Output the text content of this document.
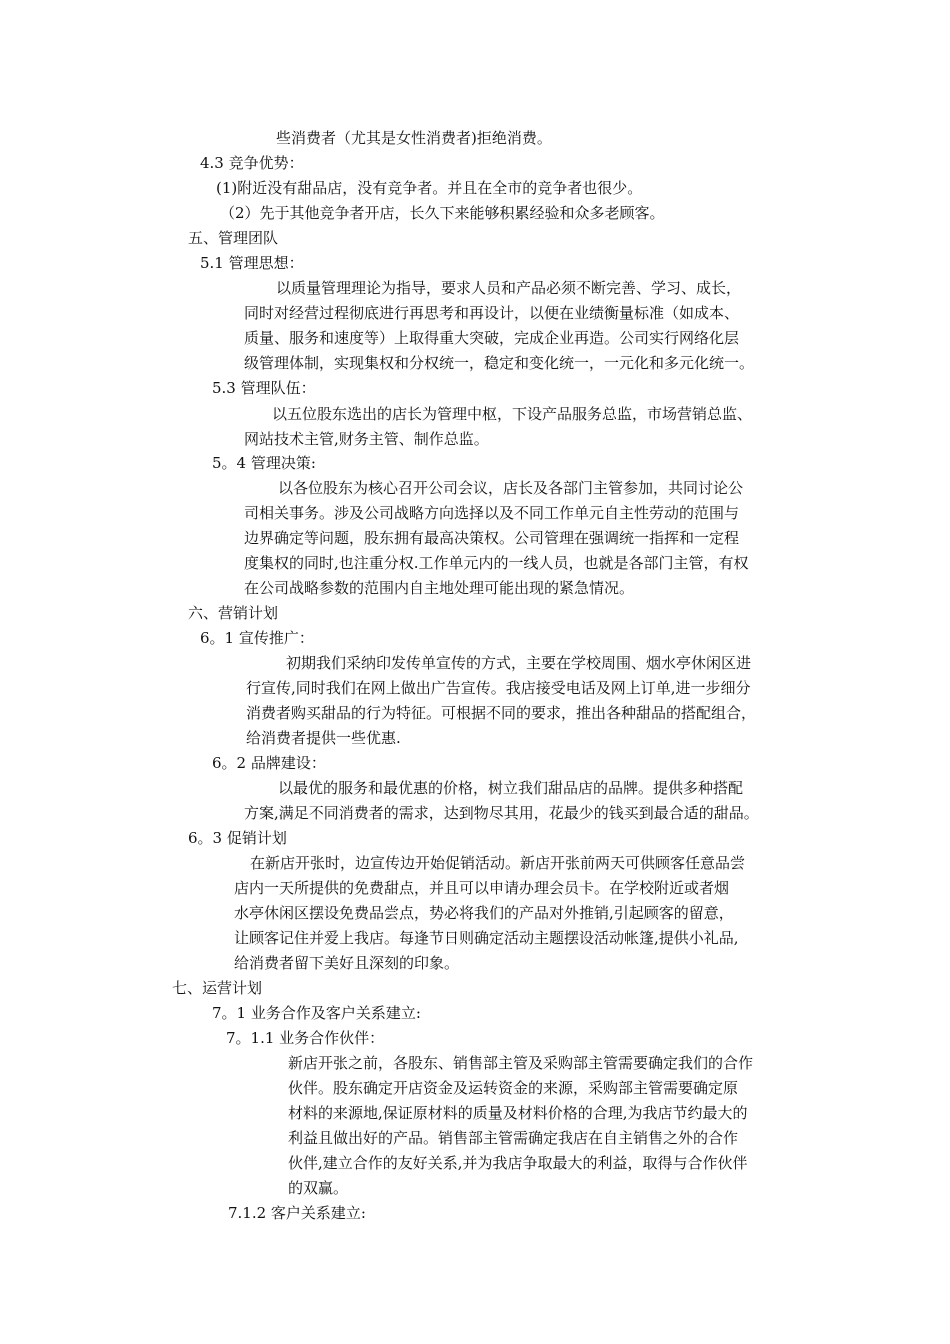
些消费者（尤其是女性消费者)拒绝消费。
4.3 竞争优势：
(1)附近没有甜品店，没有竞争者。并且在全市的竞争者也很少。
（2）先于其他竞争者开店，长久下来能够积累经验和众多老顾客。
五、管理团队
5.1 管理思想：
以质量管理理论为指导，要求人员和产品必须不断完善、学习、成长，
同时对经营过程彻底进行再思考和再设计，以便在业绩衡量标准（如成本、
质量、服务和速度等）上取得重大突破，完成企业再造。公司实行网络化层
级管理体制，实现集权和分权统一，稳定和变化统一，一元化和多元化统一。
5.3 管理队伍：
以五位股东选出的店长为管理中枢，下设产品服务总监，市场营销总监、
网站技术主管,财务主管、制作总监。
5。4 管理决策:
以各位股东为核心召开公司会议，店长及各部门主管参加，共同讨论公
司相关事务。涉及公司战略方向选择以及不同工作单元自主性劳动的范围与
边界确定等问题，股东拥有最高决策权。公司管理在强调统一指挥和一定程
度集权的同时,也注重分权.工作单元内的一线人员，也就是各部门主管，有权
在公司战略参数的范围内自主地处理可能出现的紧急情况。
六、营销计划
6。1 宣传推广：
初期我们采纳印发传单宣传的方式，主要在学校周围、烟水亭休闲区进
行宣传,同时我们在网上做出广告宣传。我店接受电话及网上订单,进一步细分
消费者购买甜品的行为特征。可根据不同的要求，推出各种甜品的搭配组合，
给消费者提供一些优惠.
6。2 品牌建设：
以最优的服务和最优惠的价格，树立我们甜品店的品牌。提供多种搭配
方案,满足不同消费者的需求，达到物尽其用，花最少的钱买到最合适的甜品。
6。3 促销计划
在新店开张时，边宣传边开始促销活动。新店开张前两天可供顾客任意品尝
店内一天所提供的免费甜点，并且可以申请办理会员卡。在学校附近或者烟
水亭休闲区摆设免费品尝点，势必将我们的产品对外推销,引起顾客的留意，
让顾客记住并爱上我店。每逢节日则确定活动主题摆设活动帐篷,提供小礼品,
给消费者留下美好且深刻的印象。
七、运营计划
7。1 业务合作及客户关系建立:
7。1.1 业务合作伙伴：
新店开张之前，各股东、销售部主管及采购部主管需要确定我们的合作
伙伴。股东确定开店资金及运转资金的来源，采购部主管需要确定原
材料的来源地,保证原材料的质量及材料价格的合理,为我店节约最大的
利益且做出好的产品。销售部主管需确定我店在自主销售之外的合作
伙伴,建立合作的友好关系,并为我店争取最大的利益，取得与合作伙伴
的双赢。
7.1.2 客户关系建立:
